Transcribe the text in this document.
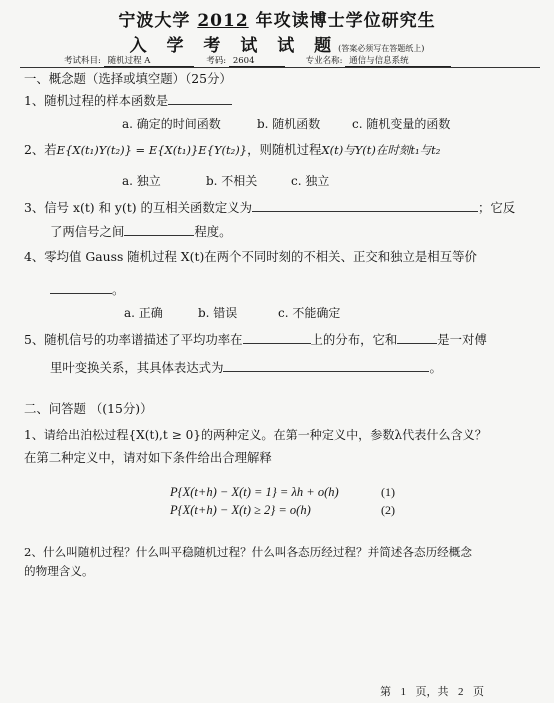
宁波大学 2012 年攻读博士学位研究生
入 学 考 试 试 题(答案必须写在答题纸上)
考试科目: 随机过程 A	考码: 2604	专业名称: 通信与信息系统
一、概念题（选择或填空题）（25分）
1、随机过程的样本函数是
a. 确定的时间函数	b. 随机函数	c. 随机变量的函数
2、若E{X(t₁)Y(t₂)} = E{X(t₁)}E{Y(t₂)}，则随机过程X(t)与Y(t)在时刻t₁与t₂
a. 独立	b. 不相关	c. 独立
3、信号 x(t) 和 y(t) 的互相关函数定义为	；它反
了两信号之间	程度。
4、零均值 Gauss 随机过程 X(t)在两个不同时刻的不相关、正交和独立是相互等价
。
a. 正确	b. 错误	c. 不能确定
5、随机信号的功率谱描述了平均功率在	上的分布，它和	是一对傅
里叶变换关系，其具体表达式为	。
二、问答题 （(15分)）
1、请给出泊松过程{X(t),t ≥ 0}的两种定义。在第一种定义中，参数λ代表什么含义？
在第二种定义中，请对如下条件给出合理解释
P{X(t+h) − X(t) = 1} = λh + o(h)	(1)
P{X(t+h) − X(t) ≥ 2} = o(h)	(2)
2、什么叫随机过程？什么叫平稳随机过程？什么叫各态历经过程？并简述各态历经概念
的物理含义。
第 1 页，共 2 页
